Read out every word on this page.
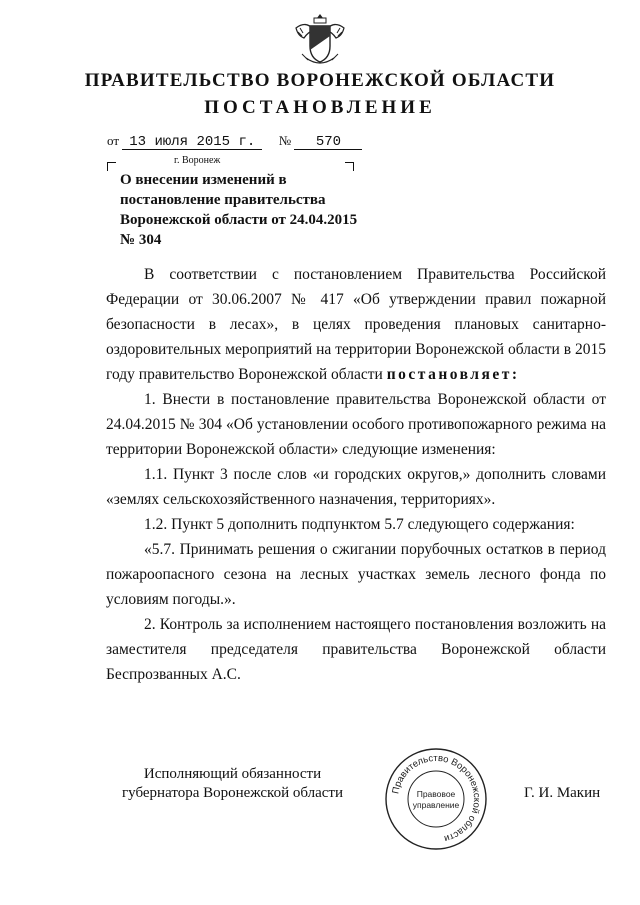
ПРАВИТЕЛЬСТВО ВОРОНЕЖСКОЙ ОБЛАСТИ
ПОСТАНОВЛЕНИЕ
от 13 июля 2015 г. № 570
г. Воронеж
О внесении изменений в постановление правительства Воронежской области от 24.04.2015 № 304

В соответствии с постановлением Правительства Российской Федерации от 30.06.2007 № 417 «Об утверждении правил пожарной безопасности в лесах», в целях проведения плановых санитарно-оздоровительных мероприятий на территории Воронежской области в 2015 году правительство Воронежской области постановляет:

1. Внести в постановление правительства Воронежской области от 24.04.2015 № 304 «Об установлении особого противопожарного режима на территории Воронежской области» следующие изменения:

1.1. Пункт 3 после слов «и городских округов,» дополнить словами «землях сельскохозяйственного назначения, территориях».

1.2. Пункт 5 дополнить подпунктом 5.7 следующего содержания:

«5.7. Принимать решения о сжигании порубочных остатков в период пожароопасного сезона на лесных участках земель лесного фонда по условиям погоды.».

2. Контроль за исполнением настоящего постановления возложить на заместителя председателя правительства Воронежской области Беспрозванных А.С.

Исполняющий обязанности
губернатора Воронежской области	Правительство Воронежской области
Правовое
управление
Г. И. Макин
